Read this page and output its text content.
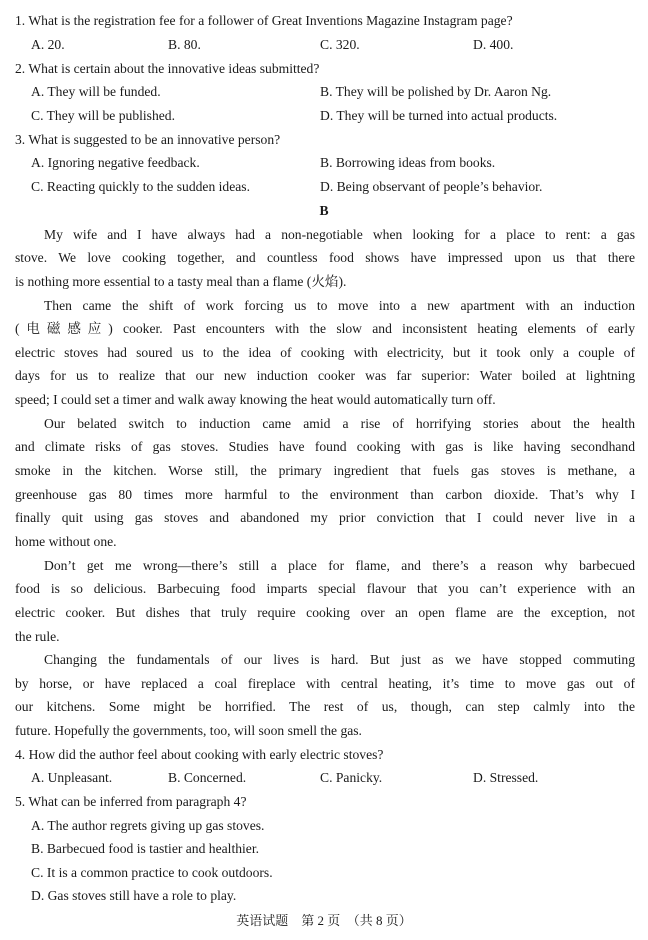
1. What is the registration fee for a follower of Great Inventions Magazine Instagram page?
A. 20.	B. 80.	C. 320.	D. 400.
2. What is certain about the innovative ideas submitted?
A. They will be funded.	B. They will be polished by Dr. Aaron Ng.
C. They will be published.	D. They will be turned into actual products.
3. What is suggested to be an innovative person?
A. Ignoring negative feedback.	B. Borrowing ideas from books.
C. Reacting quickly to the sudden ideas.	D. Being observant of people’s behavior.
B
My wife and I have always had a non-negotiable when looking for a place to rent: a gas
stove. We love cooking together, and countless food shows have impressed upon us that there
is nothing more essential to a tasty meal than a flame (火焰).
Then came the shift of work forcing us to move into a new apartment with an induction
(电磁感应) cooker. Past encounters with the slow and inconsistent heating elements of early
electric stoves had soured us to the idea of cooking with electricity, but it took only a couple of
days for us to realize that our new induction cooker was far superior: Water boiled at lightning
speed; I could set a timer and walk away knowing the heat would automatically turn off.
Our belated switch to induction came amid a rise of horrifying stories about the health
and climate risks of gas stoves. Studies have found cooking with gas is like having secondhand
smoke in the kitchen. Worse still, the primary ingredient that fuels gas stoves is methane, a
greenhouse gas 80 times more harmful to the environment than carbon dioxide. That’s why I
finally quit using gas stoves and abandoned my prior conviction that I could never live in a
home without one.
Don’t get me wrong—there’s still a place for flame, and there’s a reason why barbecued
food is so delicious. Barbecuing food imparts special flavour that you can’t experience with an
electric cooker. But dishes that truly require cooking over an open flame are the exception, not
the rule.
Changing the fundamentals of our lives is hard. But just as we have stopped commuting
by horse, or have replaced a coal fireplace with central heating, it’s time to move gas out of
our kitchens. Some might be horrified. The rest of us, though, can step calmly into the
future. Hopefully the governments, too, will soon smell the gas.
4. How did the author feel about cooking with early electric stoves?
A. Unpleasant.	B. Concerned.	C. Panicky.	D. Stressed.
5. What can be inferred from paragraph 4?
A. The author regrets giving up gas stoves.
B. Barbecued food is tastier and healthier.
C. It is a common practice to cook outdoors.
D. Gas stoves still have a role to play.
英语试题　第 2 页　（共 8 页）
